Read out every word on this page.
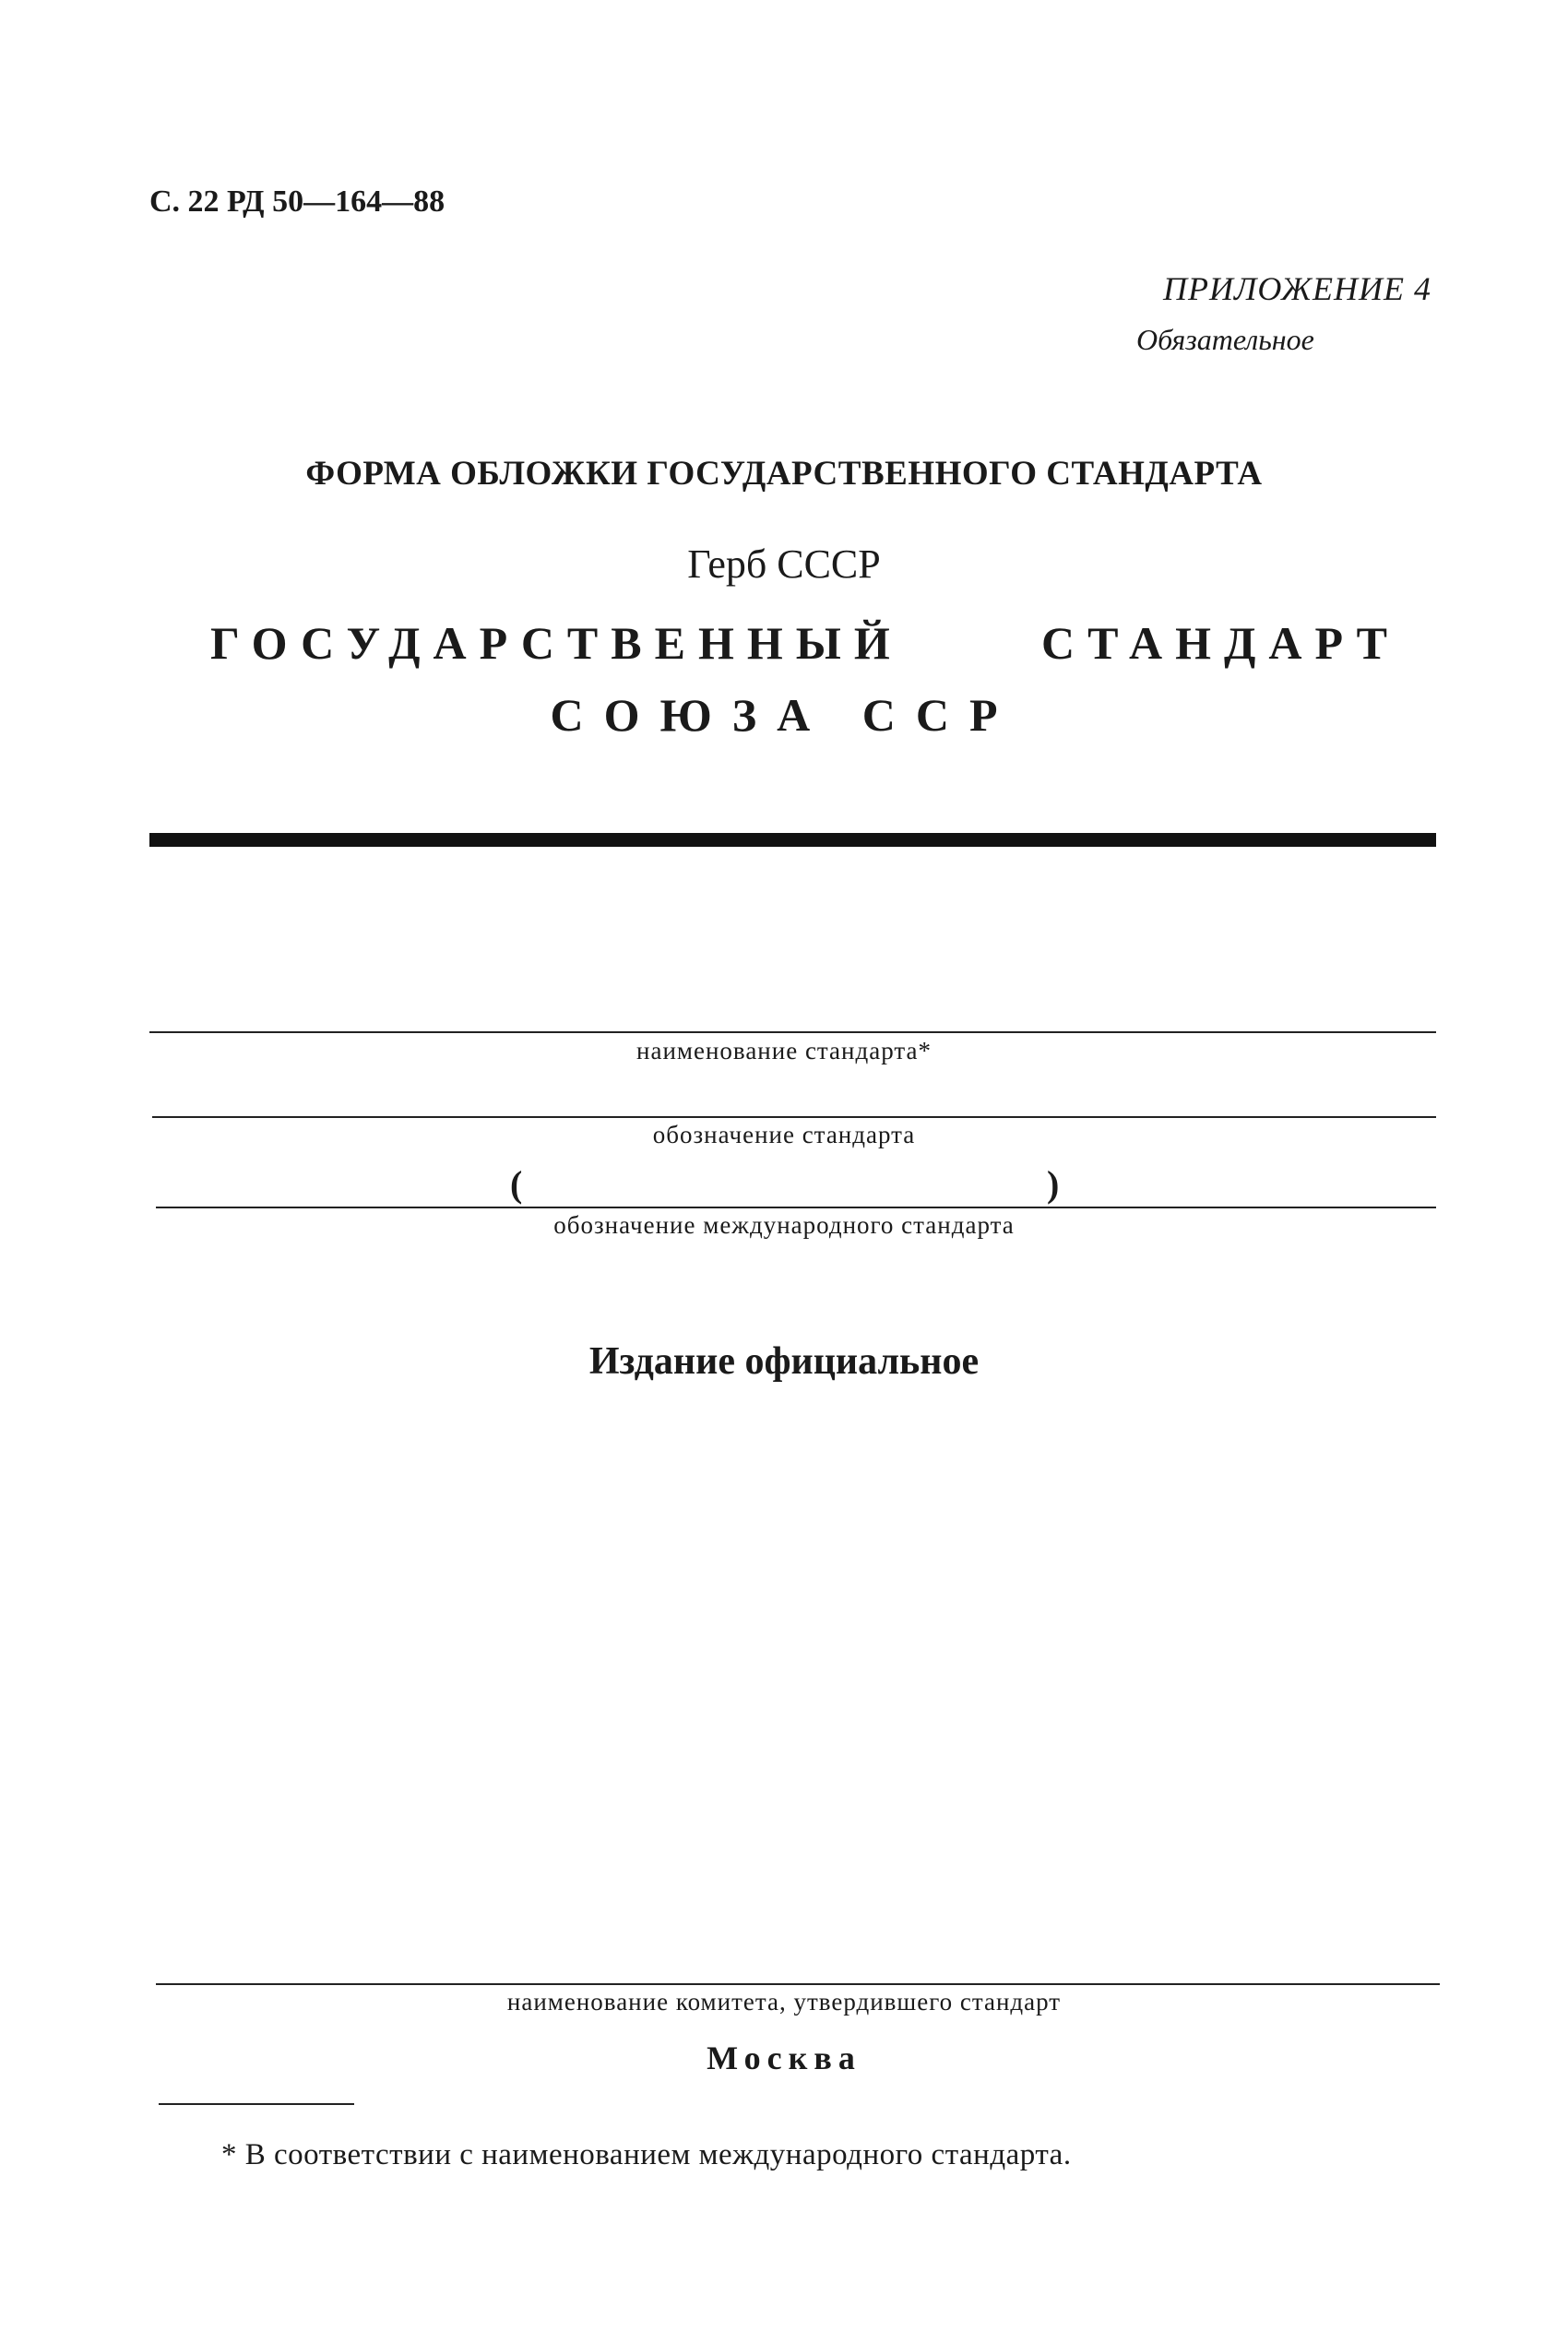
С. 22 РД 50—164—88
ПРИЛОЖЕНИЕ 4
Обязательное
ФОРМА ОБЛОЖКИ ГОСУДАРСТВЕННОГО СТАНДАРТА
Герб СССР
ГОСУДАРСТВЕННЫЙ СТАНДАРТ
СОЮЗА ССР
наименование стандарта*
обозначение стандарта
(	)
обозначение международного стандарта
Издание официальное
наименование комитета, утвердившего стандарт
Москва
* В соответствии с наименованием международного стандарта.
